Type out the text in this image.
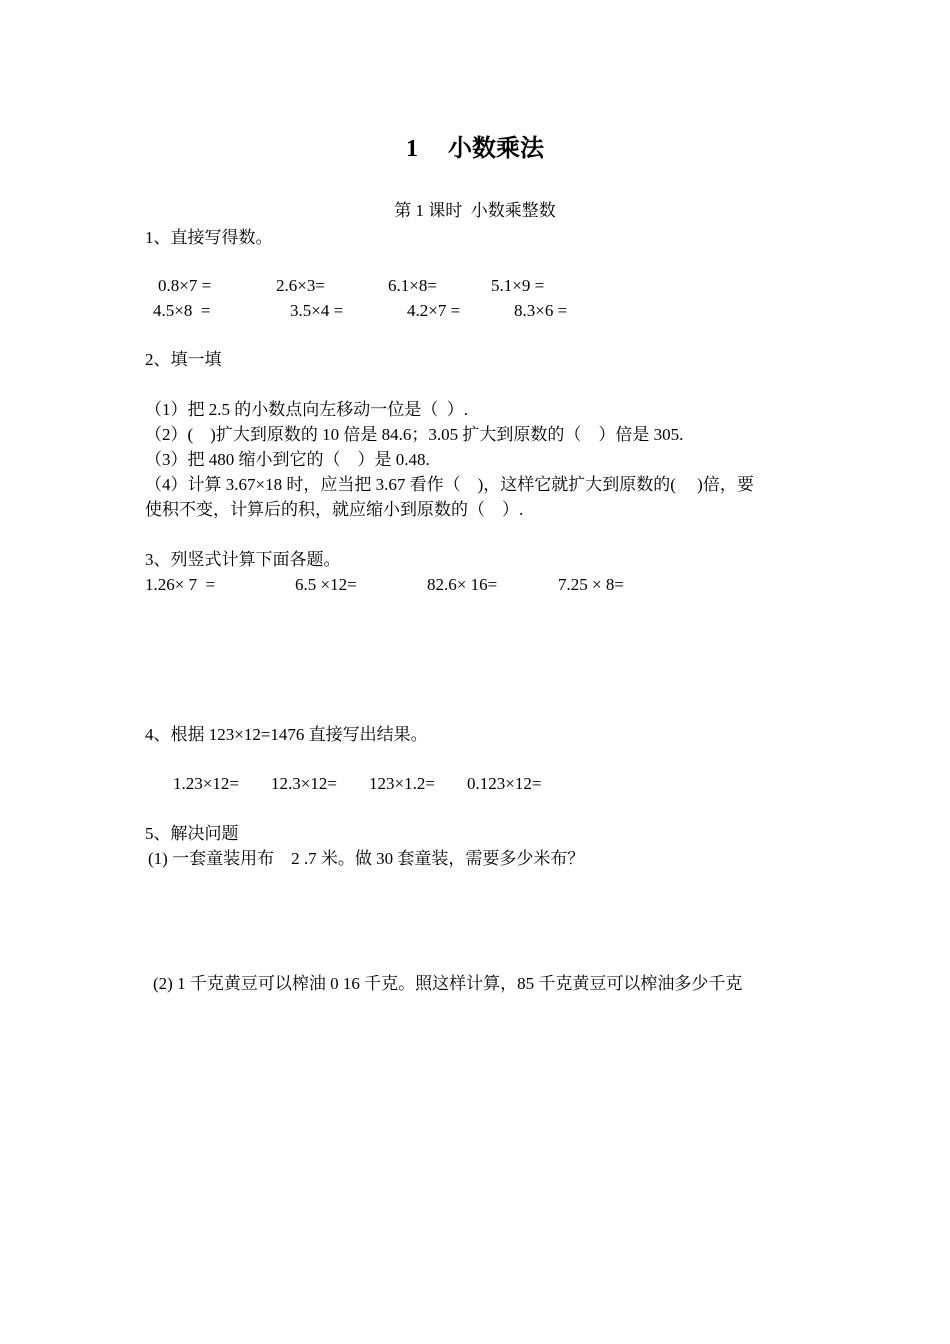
1　 小数乘法
第 1 课时  小数乘整数
1、直接写得数。
0.8×7 =	2.6×3=	6.1×8=	5.1×9 =
4.5×8  =	3.5×4 =	4.2×7 =	8.3×6 =
2、填一填
（1）把 2.5 的小数点向左移动一位是（  ）.
（2）(    )扩大到原数的 10 倍是 84.6；3.05 扩大到原数的（    ）倍是 305.
（3）把 480 缩小到它的（    ）是 0.48.
（4）计算 3.67×18 时，应当把 3.67 看作（    )，这样它就扩大到原数的(     )倍，要
使积不变，计算后的积，就应缩小到原数的（    ）.
3、列竖式计算下面各题。
1.26× 7  =	6.5 ×12=	82.6× 16=	7.25 × 8=
4、根据 123×12=1476 直接写出结果。
1.23×12= 12.3×12= 123×1.2= 0.123×12=
5、解决问题
(1) 一套童装用布    2 .7 米。做 30 套童装，需要多少米布？
(2) 1 千克黄豆可以榨油 0 16 千克。照这样计算，85 千克黄豆可以榨油多少千克
